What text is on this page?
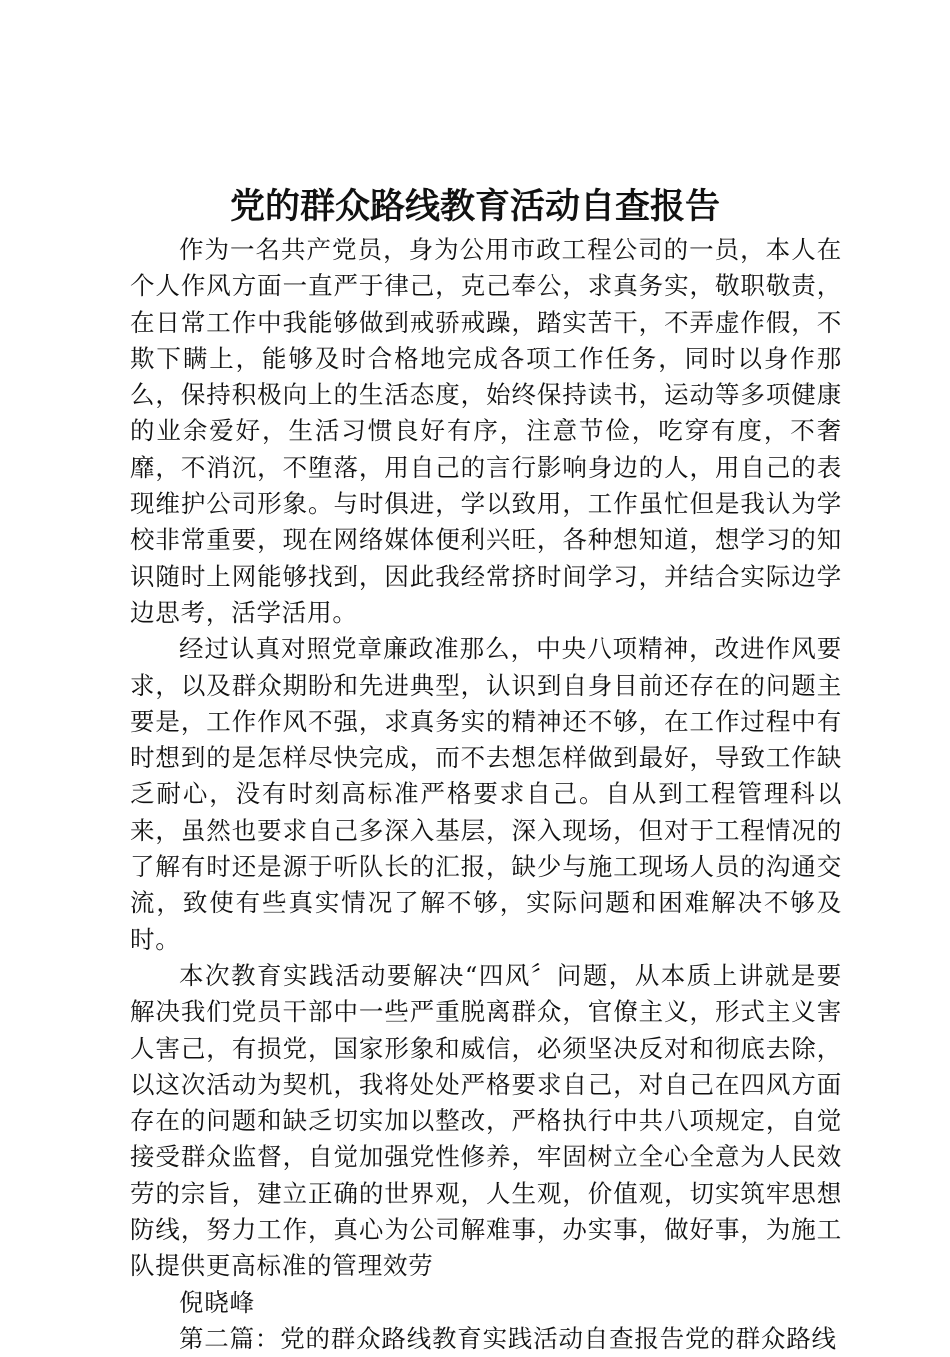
党的群众路线教育活动自查报告

作为一名共产党员，身为公用市政工程公司的一员，本人在个人作风方面一直严于律己，克己奉公，求真务实，敬职敬责，在日常工作中我能够做到戒骄戒躁，踏实苦干，不弄虚作假，不欺下瞒上，能够及时合格地完成各项工作任务，同时以身作那么，保持积极向上的生活态度，始终保持读书，运动等多项健康的业余爱好，生活习惯良好有序，注意节俭，吃穿有度，不奢靡，不消沉，不堕落，用自己的言行影响身边的人，用自己的表现维护公司形象。与时俱进，学以致用，工作虽忙但是我认为学校非常重要，现在网络媒体便利兴旺，各种想知道，想学习的知识随时上网能够找到，因此我经常挤时间学习，并结合实际边学边思考，活学活用。

经过认真对照党章廉政准那么，中央八项精神，改进作风要求，以及群众期盼和先进典型，认识到自身目前还存在的问题主要是，工作作风不强，求真务实的精神还不够，在工作过程中有时想到的是怎样尽快完成，而不去想怎样做到最好，导致工作缺乏耐心，没有时刻高标准严格要求自己。自从到工程管理科以来，虽然也要求自己多深入基层，深入现场，但对于工程情况的了解有时还是源于听队长的汇报，缺少与施工现场人员的沟通交流，致使有些真实情况了解不够，实际问题和困难解决不够及时。

本次教育实践活动要解决“四风〞问题，从本质上讲就是要解决我们党员干部中一些严重脱离群众，官僚主义，形式主义害人害己，有损党，国家形象和威信，必须坚决反对和彻底去除，以这次活动为契机，我将处处严格要求自己，对自己在四风方面存在的问题和缺乏切实加以整改，严格执行中共八项规定，自觉接受群众监督，自觉加强党性修养，牢固树立全心全意为人民效劳的宗旨，建立正确的世界观，人生观，价值观，切实筑牢思想防线，努力工作，真心为公司解难事，办实事，做好事，为施工队提供更高标准的管理效劳

倪晓峰

第二篇：党的群众路线教育实践活动自查报告党的群众路线
